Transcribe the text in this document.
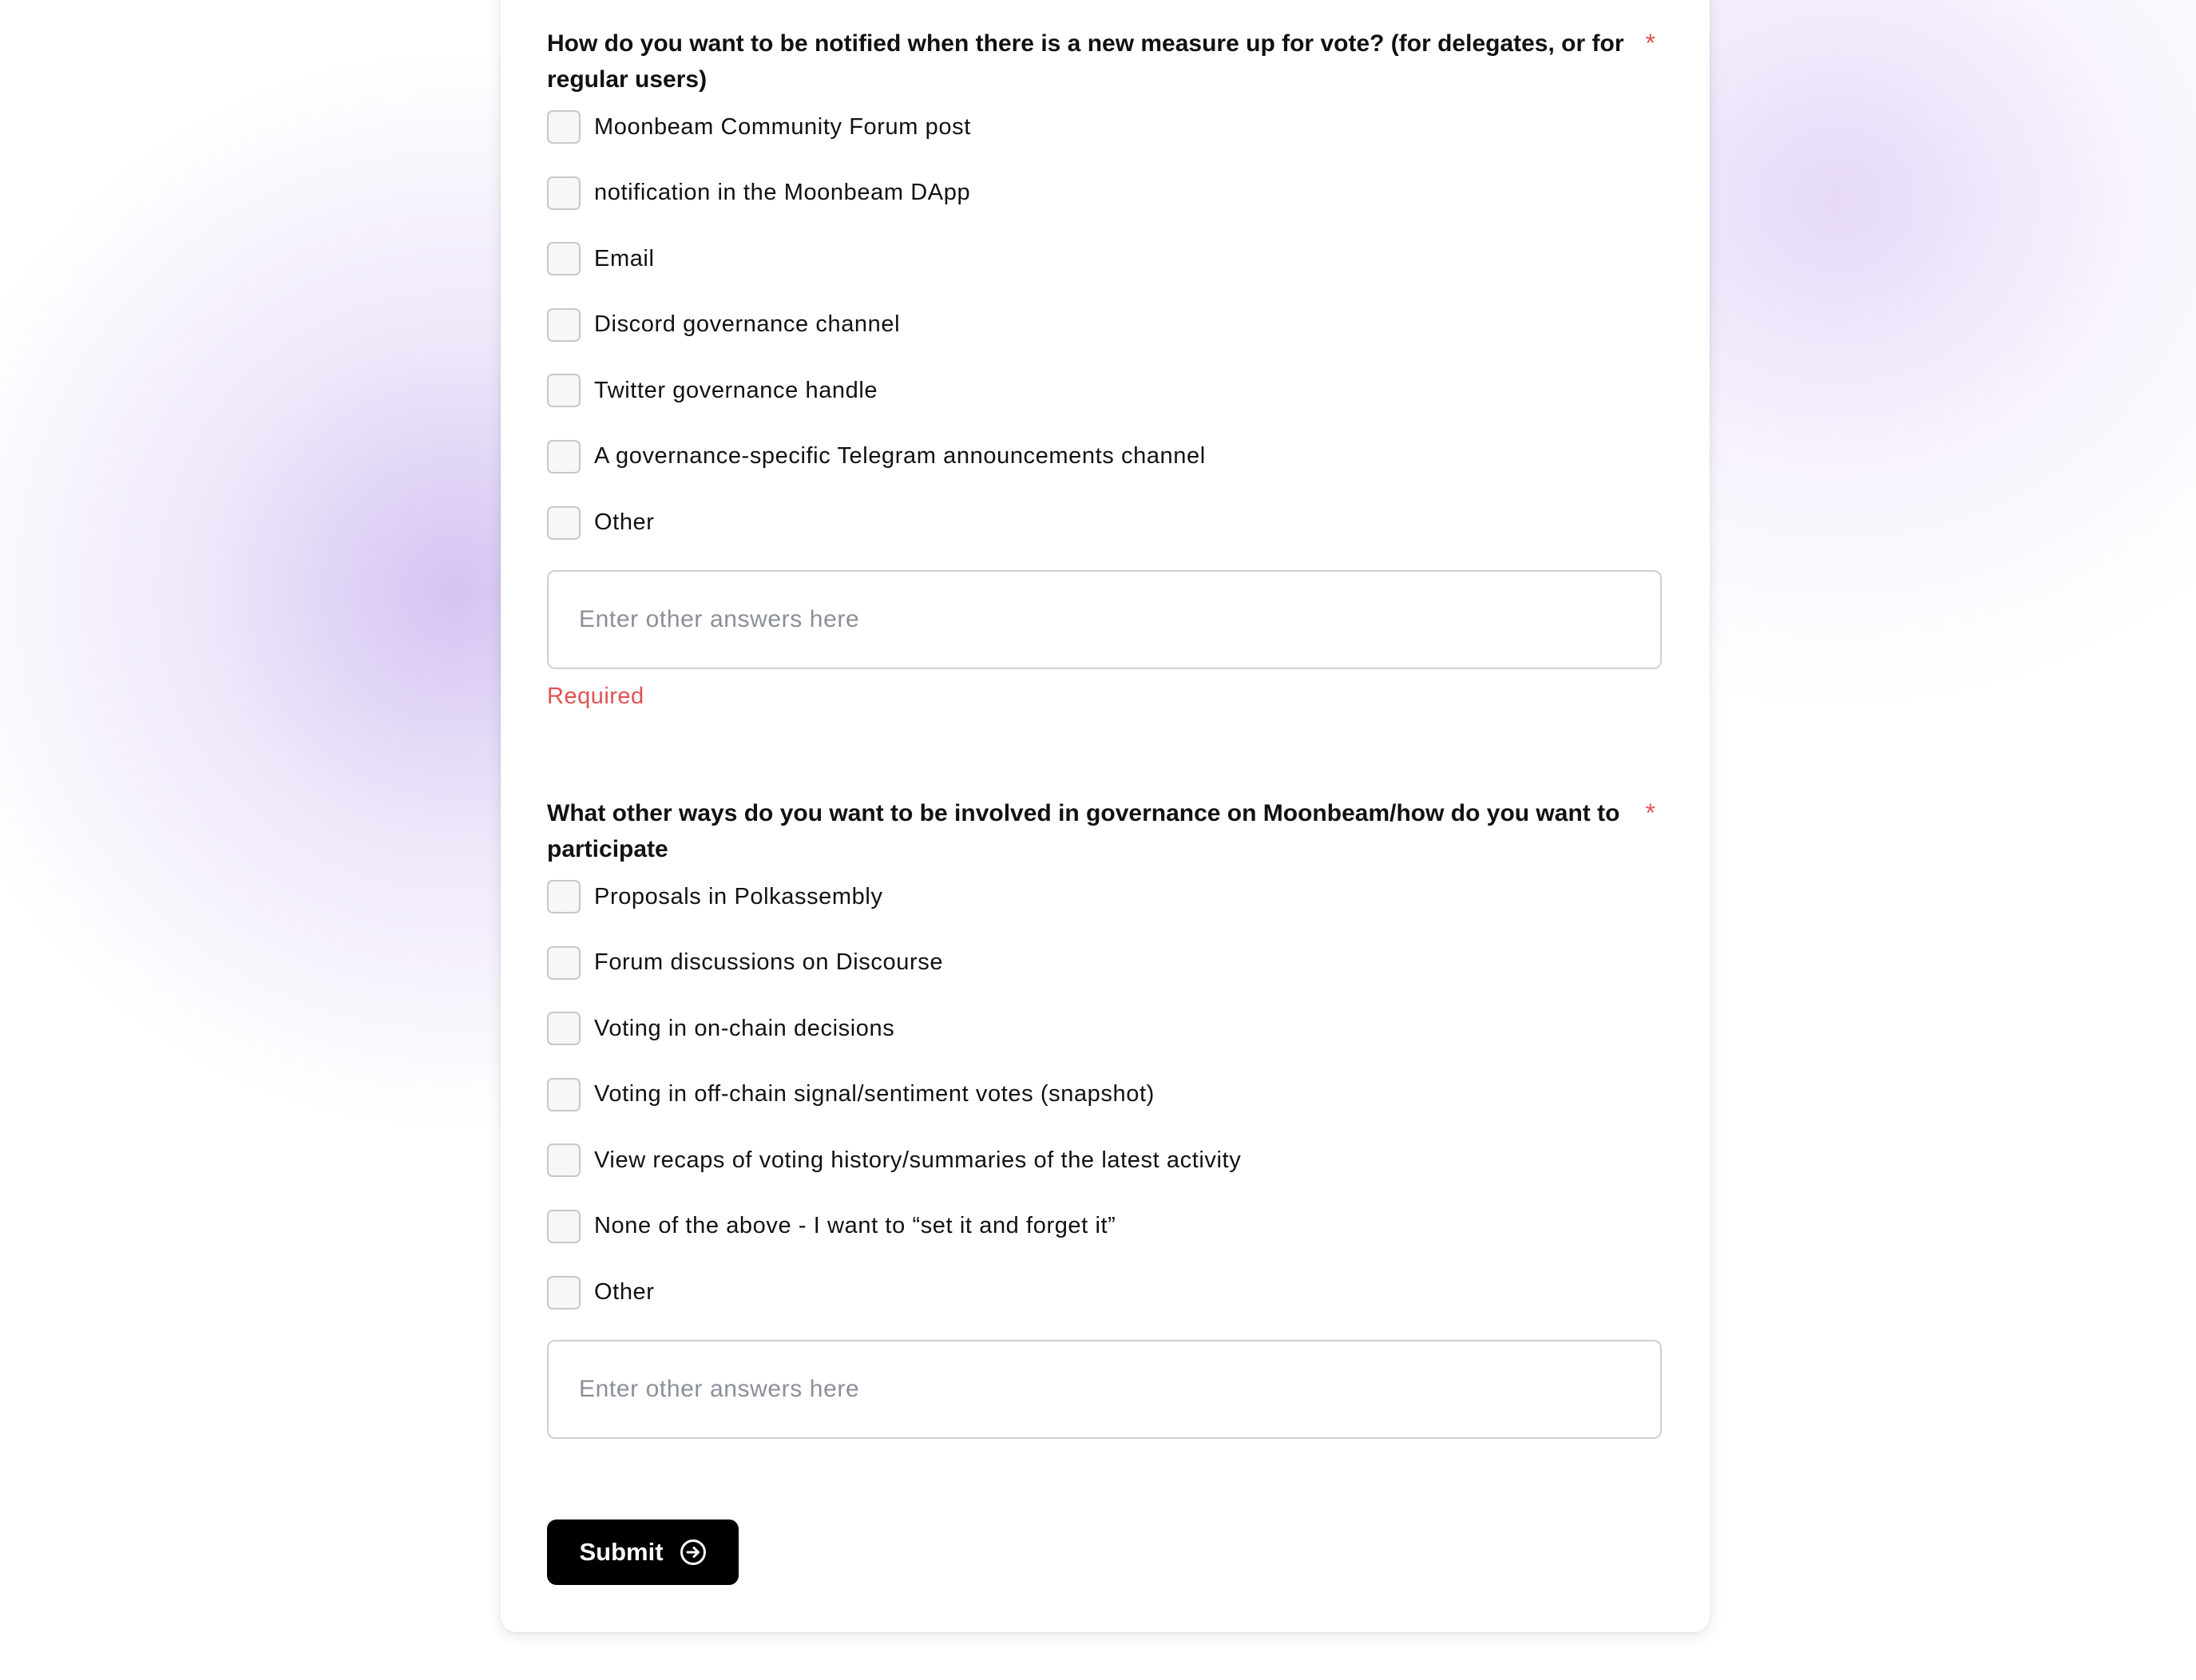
How do you want to be notified when there is a new measure up for vote? (for delegates, or for regular users)

*
Moonbeam Community Forum post
notification in the Moonbeam DApp
Email
Discord governance channel
Twitter governance handle
A governance-specific Telegram announcements channel
Other
Enter other answers here
Required

What other ways do you want to be involved in governance on Moonbeam/how do you want to participate

*
Proposals in Polkassembly
Forum discussions on Discourse
Voting in on-chain decisions
Voting in off-chain signal/sentiment votes (snapshot)
View recaps of voting history/summaries of the latest activity
None of the above - I want to “set it and forget it”
Other
Enter other answers here
Submit
